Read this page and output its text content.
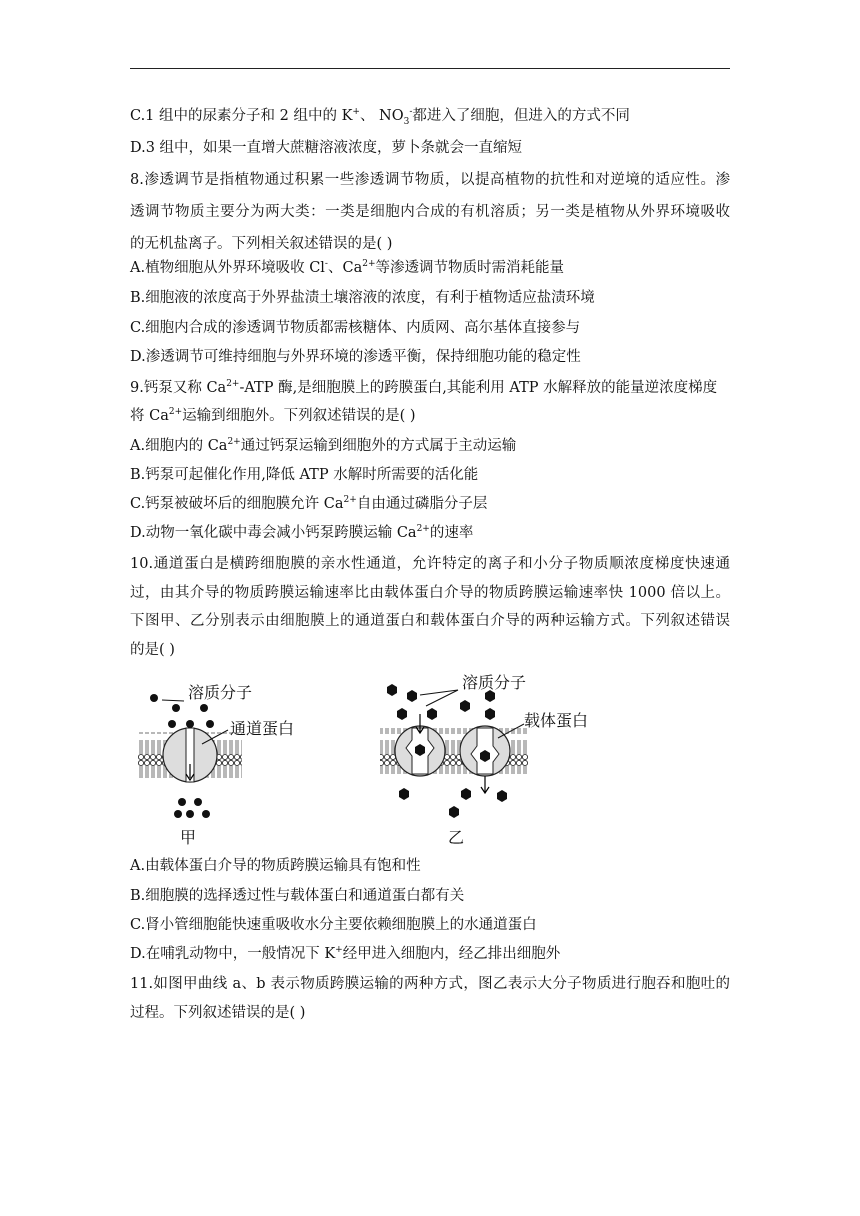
C.1 组中的尿素分子和 2 组中的 K+、 $NO_3^-$都进入了细胞，但进入的方式不同
D.3 组中，如果一直增大蔗糖溶液浓度，萝卜条就会一直缩短
8.渗透调节是指植物通过积累一些渗透调节物质，以提高植物的抗性和对逆境的适应性。渗
透调节物质主要分为两大类：一类是细胞内合成的有机溶质；另一类是植物从外界环境吸收
的无机盐离子。下列相关叙述错误的是( )
A.植物细胞从外界环境吸收 Cl-、$Ca^{2+}$等渗透调节物质时需消耗能量
B.细胞液的浓度高于外界盐渍土壤溶液的浓度，有利于植物适应盐渍环境
C.细胞内合成的渗透调节物质都需核糖体、内质网、高尔基体直接参与
D.渗透调节可维持细胞与外界环境的渗透平衡，保持细胞功能的稳定性
9.钙泵又称 $Ca^{2+}$-ATP 酶,是细胞膜上的跨膜蛋白,其能利用 ATP 水解释放的能量逆浓度梯度
将 $Ca^{2+}$运输到细胞外。下列叙述错误的是( )
A.细胞内的 $Ca^{2+}$通过钙泵运输到细胞外的方式属于主动运输
B.钙泵可起催化作用,降低 ATP 水解时所需要的活化能
C.钙泵被破坏后的细胞膜允许 $Ca^{2+}$自由通过磷脂分子层
D.动物一氧化碳中毒会减小钙泵跨膜运输 $Ca^{2+}$的速率
10.通道蛋白是横跨细胞膜的亲水性通道，允许特定的离子和小分子物质顺浓度梯度快速通
过，由其介导的物质跨膜运输速率比由载体蛋白介导的物质跨膜运输速率快 1000 倍以上。
下图甲、乙分别表示由细胞膜上的通道蛋白和载体蛋白介导的两种运输方式。下列叙述错误
的是( )
溶质分子
通道蛋白
甲
溶质分子
载体蛋白
乙
A.由载体蛋白介导的物质跨膜运输具有饱和性
B.细胞膜的选择透过性与载体蛋白和通道蛋白都有关
C.肾小管细胞能快速重吸收水分主要依赖细胞膜上的水通道蛋白
D.在哺乳动物中，一般情况下 K+经甲进入细胞内，经乙排出细胞外
11.如图甲曲线 a、b 表示物质跨膜运输的两种方式，图乙表示大分子物质进行胞吞和胞吐的
过程。下列叙述错误的是( )
